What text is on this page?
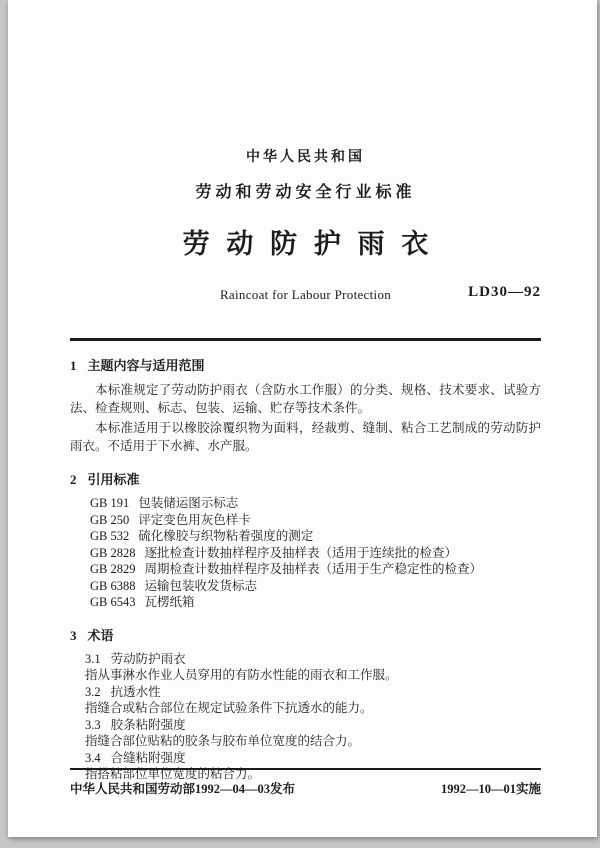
中华人民共和国
劳动和劳动安全行业标准
劳动防护雨衣
Raincoat for Labour Protection	LD30—92
1 主题内容与适用范围

本标准规定了劳动防护雨衣（含防水工作服）的分类、规格、技术要求、试验方法、检查规则、标志、包装、运输、贮存等技术条件。

本标准适用于以橡胶涂覆织物为面料，经裁剪、缝制、粘合工艺制成的劳动防护雨衣。不适用于下水裤、水产服。

2 引用标准
GB 191 包装储运图示标志
GB 250 评定变色用灰色样卡
GB 532 硫化橡胶与织物粘着强度的测定
GB 2828 逐批检查计数抽样程序及抽样表（适用于连续批的检查）
GB 2829 周期检查计数抽样程序及抽样表（适用于生产稳定性的检查）
GB 6388 运输包装收发货标志
GB 6543 瓦楞纸箱
3 术语
3.1 劳动防护雨衣

指从事淋水作业人员穿用的有防水性能的雨衣和工作服。

3.2 抗透水性

指缝合或粘合部位在规定试验条件下抗透水的能力。

3.3 胶条粘附强度

指缝合部位贴粘的胶条与胶布单位宽度的结合力。

3.4 合缝粘附强度

指搭粘部位单位宽度的粘合力。

中华人民共和国劳动部1992—04—03发布	1992—10—01实施
